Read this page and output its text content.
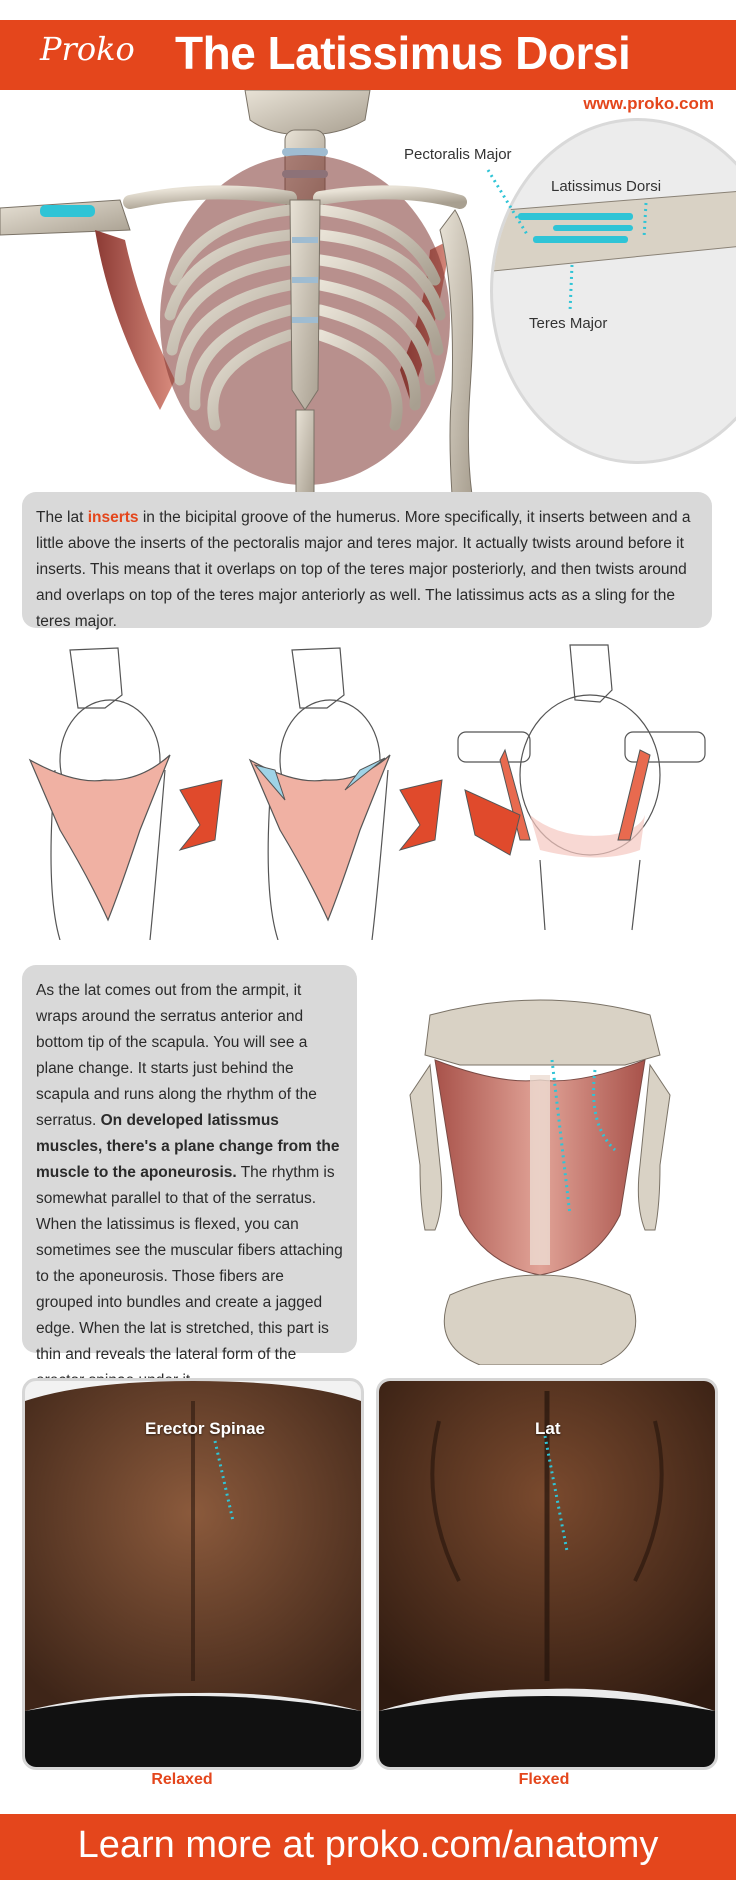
Proko The Latissimus Dorsi
Pectoralis Major
Latissimus Dorsi
Teres Major
www.proko.com

The lat inserts in the bicipital groove of the humerus. More specifically, it inserts between and a little above the inserts of the pectoralis major and teres major. It actually twists around before it inserts. This means that it overlaps on top of the teres major posteriorly, and then twists around and overlaps on top of the teres major anteriorly as well. The latissimus acts as a sling for the teres major.

As the lat comes out from the armpit, it wraps around the serratus anterior and bottom tip of the scapula. You will see a plane change. It starts just behind the scapula and runs along the rhythm of the serratus. On developed latissmus muscles, there's a plane change from the muscle to the aponeurosis. The rhythm is somewhat parallel to that of the serratus. When the latissimus is flexed, you can sometimes see the muscular fibers attaching to the aponeurosis. Those fibers are grouped into bundles and create a jagged edge. When the lat is stretched, this part is thin and reveals the lateral form of the

Erector Spinae	Lat
Relaxed	Flexed
Learn more at proko.com/anatomy
